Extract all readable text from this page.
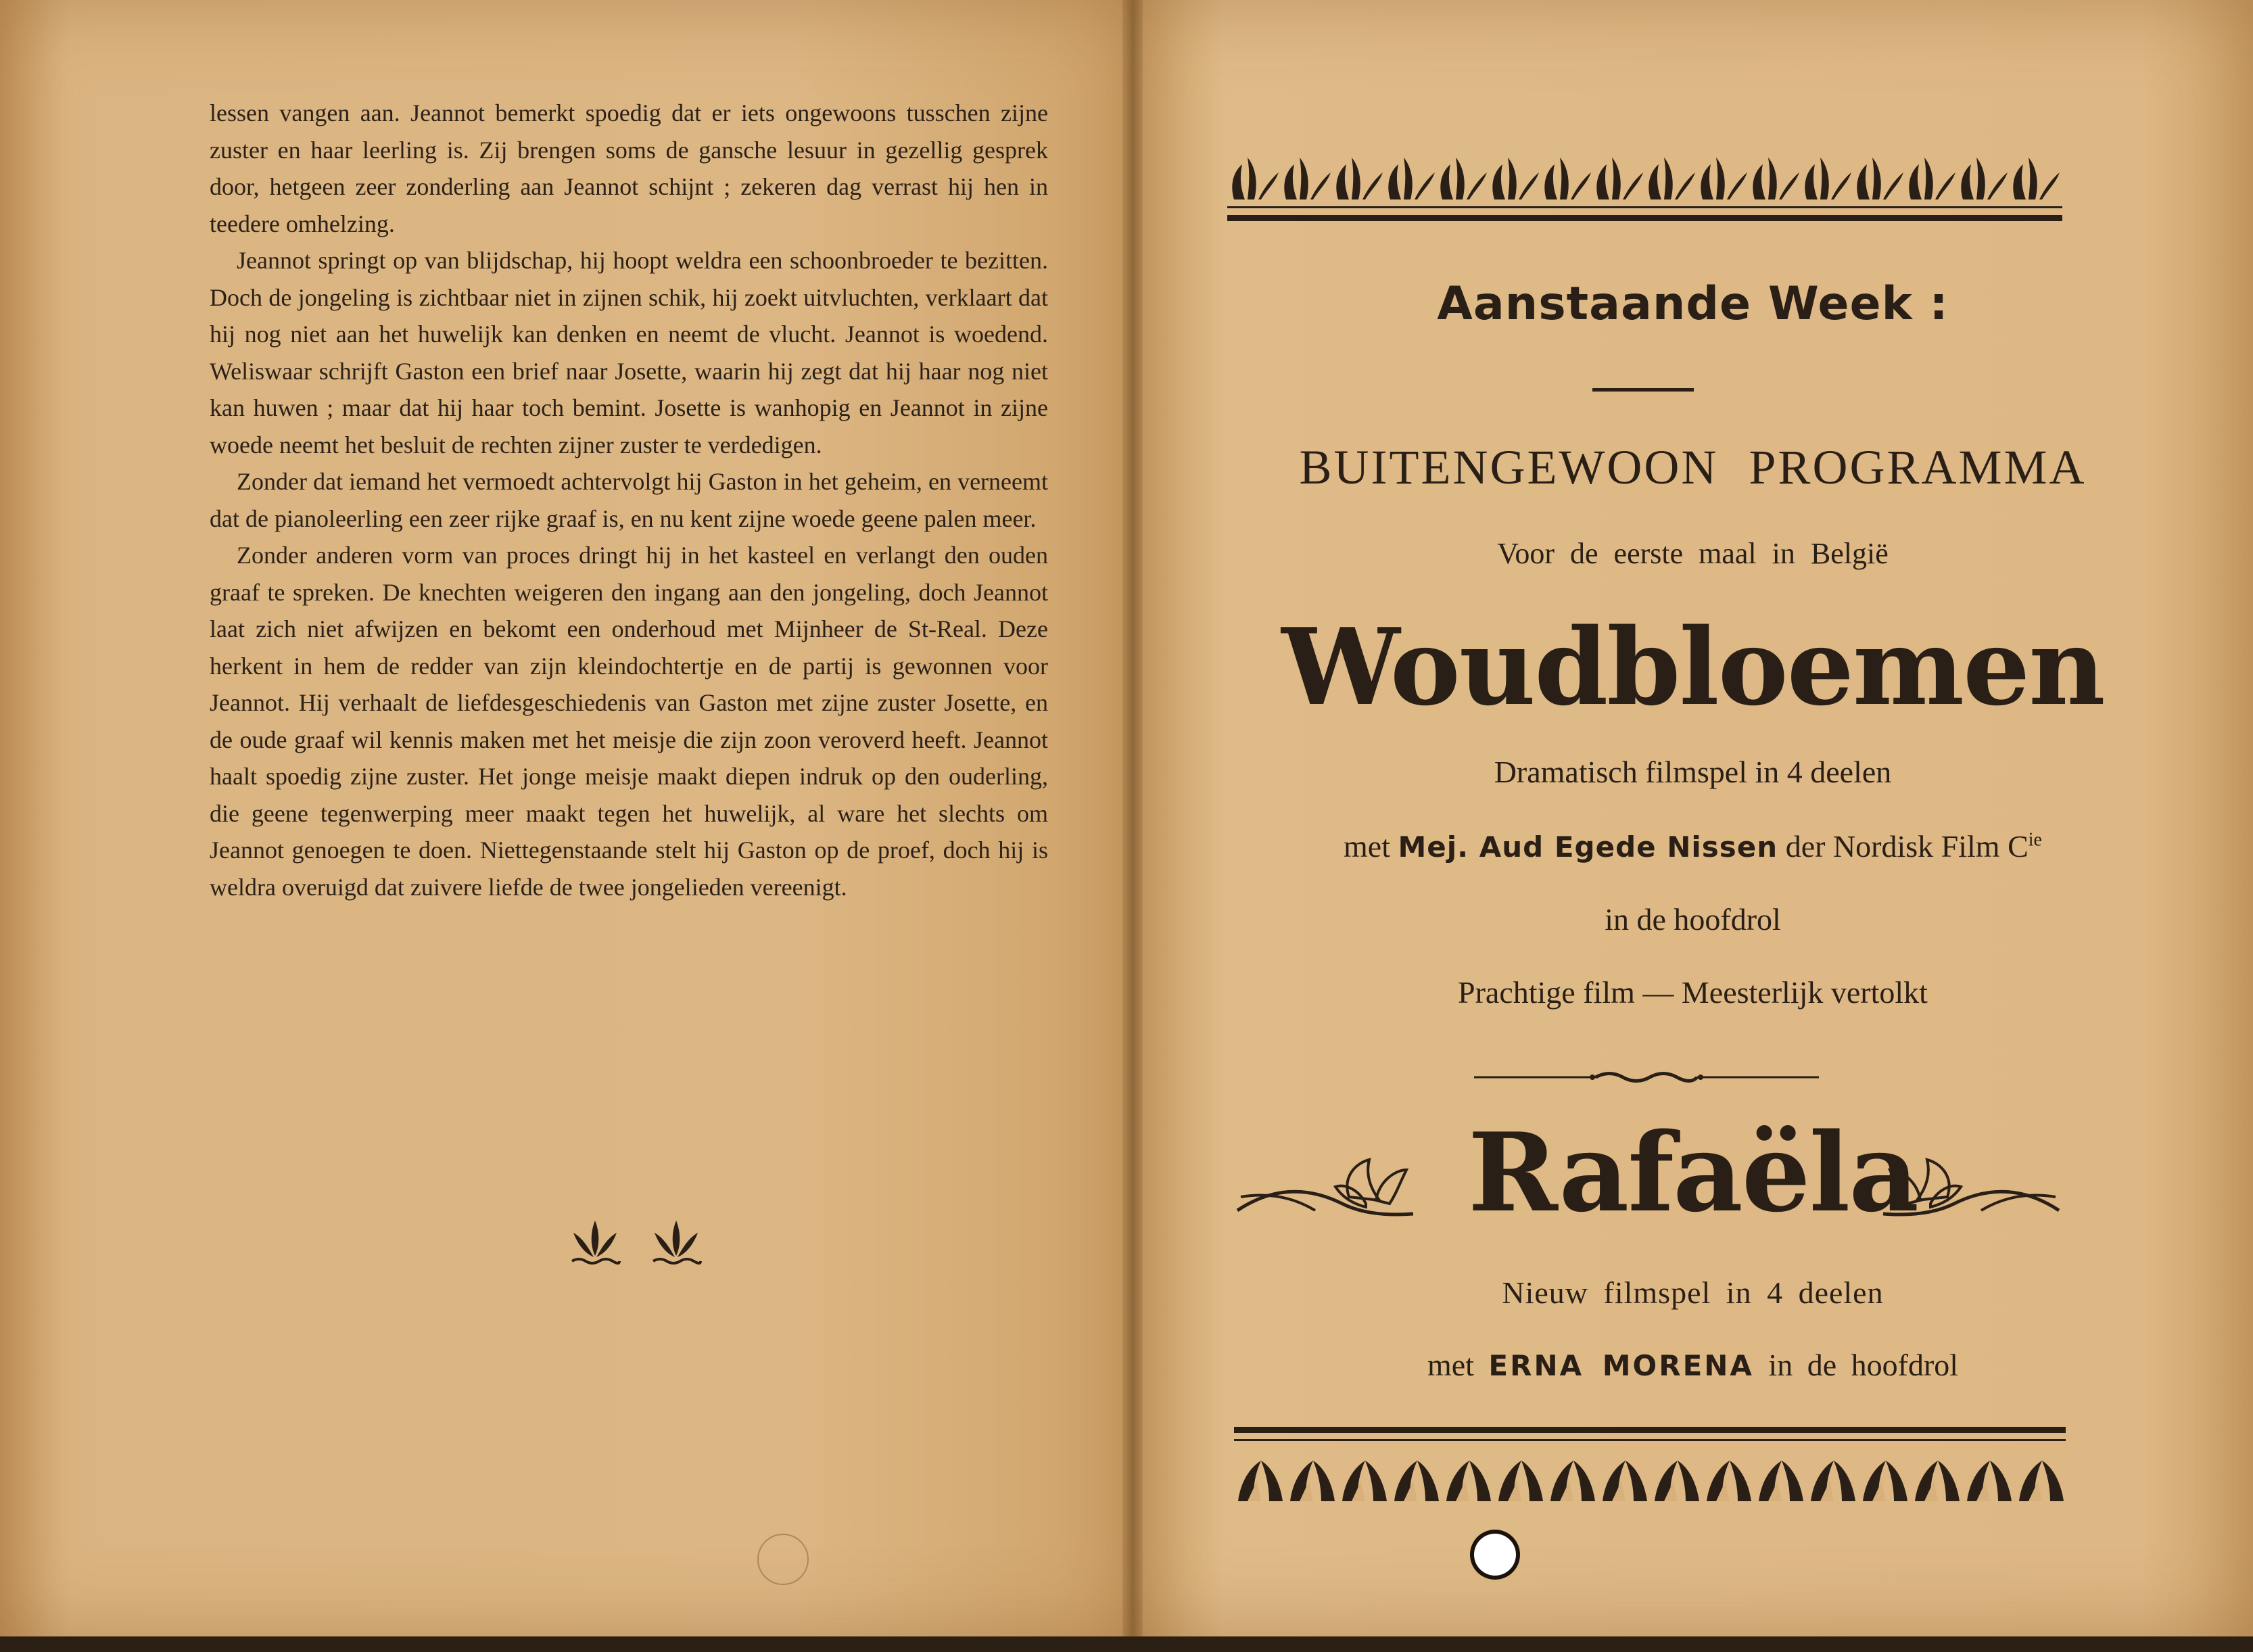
lessen vangen aan. Jeannot bemerkt spoedig dat er iets ongewoons tusschen zijne zuster en haar leerling is. Zij brengen soms de gansche lesuur in gezellig gesprek door, hetgeen zeer zonderling aan Jeannot schijnt ; zekeren dag verrast hij hen in teedere omhelzing.

Jeannot springt op van blijdschap, hij hoopt weldra een schoonbroeder te bezitten. Doch de jongeling is zichtbaar niet in zijnen schik, hij zoekt uitvluchten, verklaart dat hij nog niet aan het huwelijk kan denken en neemt de vlucht. Jeannot is woedend. Weliswaar schrijft Gaston een brief naar Josette, waarin hij zegt dat hij haar nog niet kan huwen ; maar dat hij haar toch bemint. Josette is wanhopig en Jeannot in zijne woede neemt het besluit de rechten zijner zuster te verdedigen.

Zonder dat iemand het vermoedt achtervolgt hij Gaston in het geheim, en verneemt dat de pianoleerling een zeer rijke graaf is, en nu kent zijne woede geene palen meer.

Zonder anderen vorm van proces dringt hij in het kasteel en verlangt den ouden graaf te spreken. De knechten weigeren den ingang aan den jongeling, doch Jeannot laat zich niet afwijzen en bekomt een onderhoud met Mijnheer de St-Real. Deze herkent in hem de redder van zijn kleindochtertje en de partij is gewonnen voor Jeannot. Hij verhaalt de liefdesgeschiedenis van Gaston met zijne zuster Josette, en de oude graaf wil kennis maken met het meisje die zijn zoon veroverd heeft. Jeannot haalt spoedig zijne zuster. Het jonge meisje maakt diepen indruk op den ouderling, die geene tegenwerping meer maakt tegen het huwelijk, al ware het slechts om Jeannot genoegen te doen. Niettegenstaande stelt hij Gaston op de proef, doch hij is weldra overuigd dat zuivere liefde de twee jongelieden vereenigt.

Aanstaande Week :
BUITENGEWOON PROGRAMMA
Voor de eerste maal in België
Woudbloemen
Dramatisch filmspel in 4 deelen
met Mej. Aud Egede Nissen der Nordisk Film $C^{ie}$
in de hoofdrol
Prachtige film — Meesterlijk vertolkt
Rafaëla
Nieuw filmspel in 4 deelen
met ERNA MORENA in de hoofdrol
